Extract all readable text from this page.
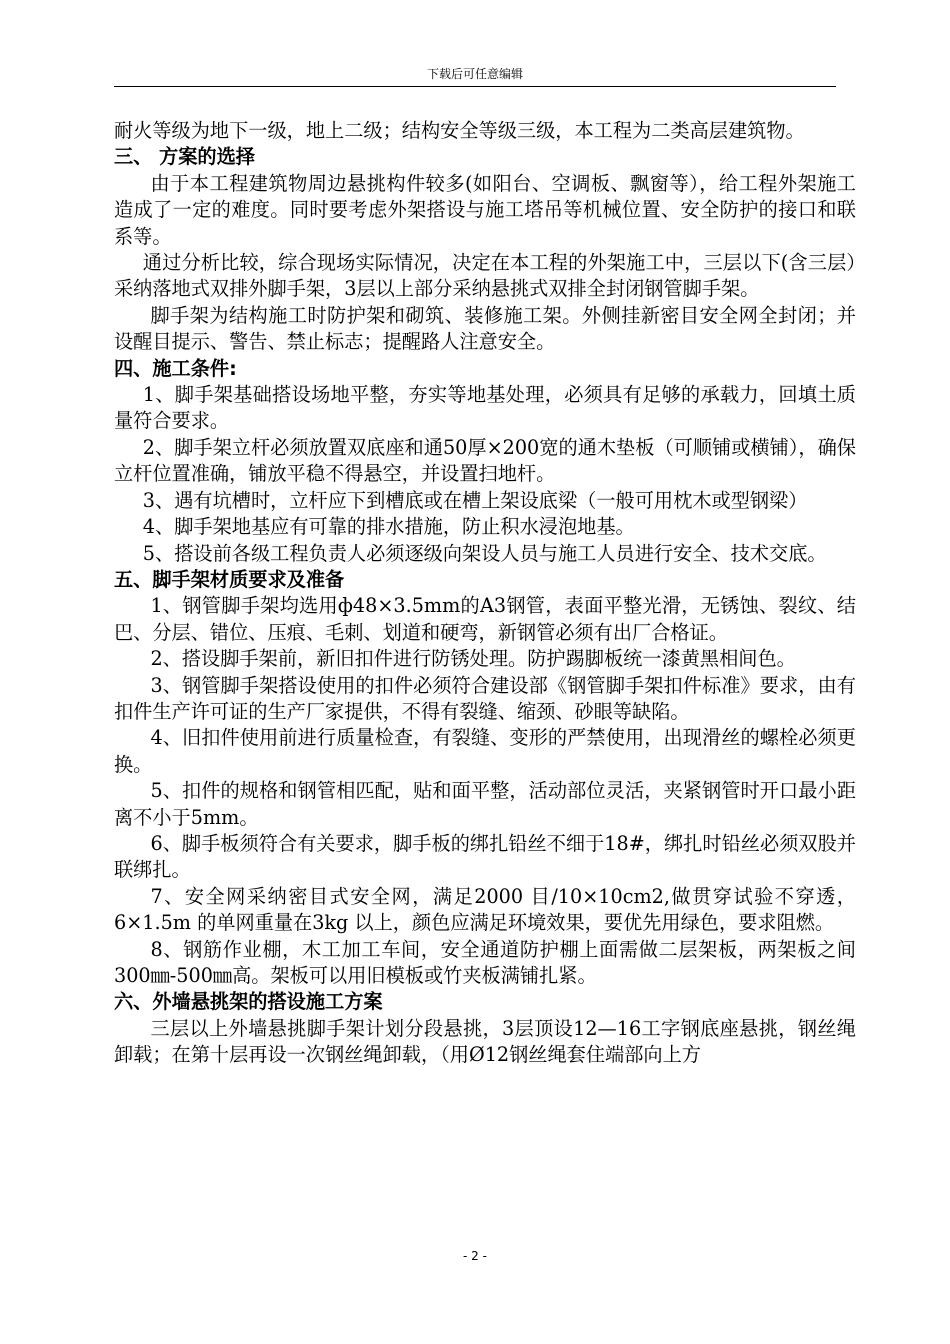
下载后可任意编辑

耐火等级为地下一级，地上二级；结构安全等级三级，本工程为二类高层建筑物。

三、 方案的选择

由于本工程建筑物周边悬挑构件较多(如阳台、空调板、飘窗等），给工程外架施工造成了一定的难度。同时要考虑外架搭设与施工塔吊等机械位置、安全防护的接口和联系等。

通过分析比较，综合现场实际情况，决定在本工程的外架施工中，三层以下(含三层）采纳落地式双排外脚手架，3层以上部分采纳悬挑式双排全封闭钢管脚手架。

脚手架为结构施工时防护架和砌筑、装修施工架。外侧挂新密目安全网全封闭；并设醒目提示、警告、禁止标志；提醒路人注意安全。

四、施工条件:

1、脚手架基础搭设场地平整，夯实等地基处理，必须具有足够的承载力，回填土质量符合要求。

2、脚手架立杆必须放置双底座和通50厚×200宽的通木垫板（可顺铺或横铺），确保立杆位置准确，铺放平稳不得悬空，并设置扫地杆。

3、遇有坑槽时，立杆应下到槽底或在槽上架设底梁（一般可用枕木或型钢梁）

4、脚手架地基应有可靠的排水措施，防止积水浸泡地基。

5、搭设前各级工程负责人必须逐级向架设人员与施工人员进行安全、技术交底。

五、脚手架材质要求及准备

1、钢管脚手架均选用ф48×3.5mm的A3钢管，表面平整光滑，无锈蚀、裂纹、结巴、分层、错位、压痕、毛刺、划道和硬弯，新钢管必须有出厂合格证。

2、搭设脚手架前，新旧扣件进行防锈处理。防护踢脚板统一漆黄黑相间色。

3、钢管脚手架搭设使用的扣件必须符合建设部《钢管脚手架扣件标准》要求，由有扣件生产许可证的生产厂家提供，不得有裂缝、缩颈、砂眼等缺陷。

4、旧扣件使用前进行质量检查，有裂缝、变形的严禁使用，出现滑丝的螺栓必须更换。

5、扣件的规格和钢管相匹配，贴和面平整，活动部位灵活，夹紧钢管时开口最小距离不小于5mm。

6、脚手板须符合有关要求，脚手板的绑扎铅丝不细于18#，绑扎时铅丝必须双股并联绑扎。

7、安全网采纳密目式安全网，满足2000 目/10×10cm2,做贯穿试验不穿透，6×1.5m 的单网重量在3kg 以上，颜色应满足环境效果，要优先用绿色，要求阻燃。

8、钢筋作业棚，木工加工车间，安全通道防护棚上面需做二层架板，两架板之间300㎜-500㎜高。架板可以用旧模板或竹夹板满铺扎紧。

六、外墙悬挑架的搭设施工方案

三层以上外墙悬挑脚手架计划分段悬挑，3层顶设12—16工字钢底座悬挑，钢丝绳卸载；在第十层再设一次钢丝绳卸载，（用Ø12钢丝绳套住端部向上方

- 2 -
